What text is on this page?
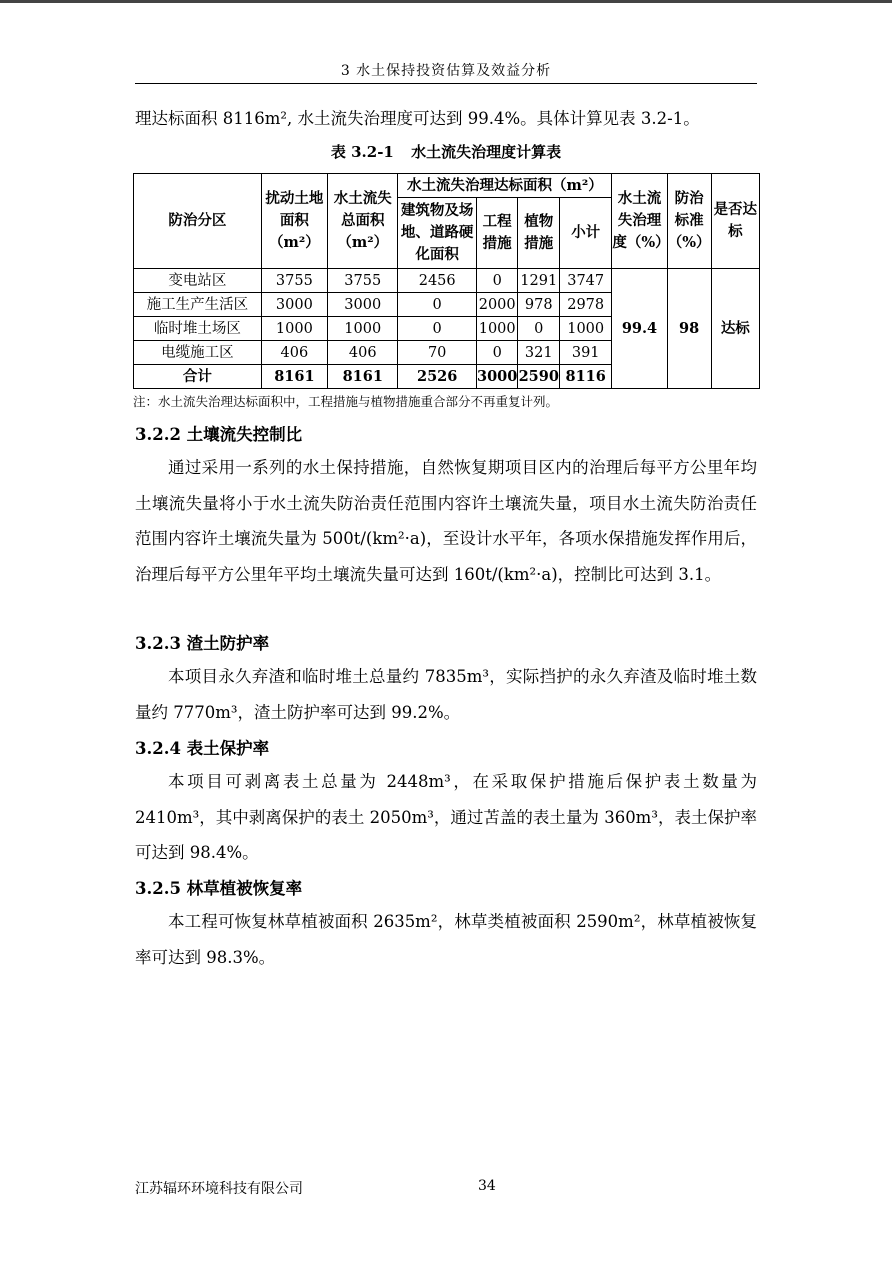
3 水土保持投资估算及效益分析
理达标面积 8116m², 水土流失治理度可达到 99.4%。具体计算见表 3.2-1。
表 3.2-1 水土流失治理度计算表
防治分区	扰动土地面积（m²）	水土流失总面积（m²）	水土流失治理达标面积（m²）				水土流失治理度（%）	防治标准（%）	是否达标
			建筑物及场地、道路硬化面积	工程措施	植物措施	小计			
变电站区	3755	3755	2456	0	1291	3747	99.4	98	达标
施工生产生活区	3000	3000	0	2000	978	2978			
临时堆土场区	1000	1000	0	1000	0	1000			
电缆施工区	406	406	70	0	321	391			
合计	8161	8161	2526	3000	2590	8116			
注：水土流失治理达标面积中，工程措施与植物措施重合部分不再重复计列。
3.2.2 土壤流失控制比
通过采用一系列的水土保持措施，自然恢复期项目区内的治理后每平方公里年均土壤流失量将小于水土流失防治责任范围内容许土壤流失量，项目水土流失防治责任范围内容许土壤流失量为 500t/(km²·a)，至设计水平年，各项水保措施发挥作用后，治理后每平方公里年平均土壤流失量可达到 160t/(km²·a)，控制比可达到 3.1。
3.2.3 渣土防护率
本项目永久弃渣和临时堆土总量约 7835m³，实际挡护的永久弃渣及临时堆土数量约 7770m³，渣土防护率可达到 99.2%。
3.2.4 表土保护率
本项目可剥离表土总量为 2448m³，在采取保护措施后保护表土数量为 2410m³，其中剥离保护的表土 2050m³，通过苫盖的表土量为 360m³，表土保护率可达到 98.4%。
3.2.5 林草植被恢复率
本工程可恢复林草植被面积 2635m²，林草类植被面积 2590m²，林草植被恢复率可达到 98.3%。
江苏辐环环境科技有限公司	34
